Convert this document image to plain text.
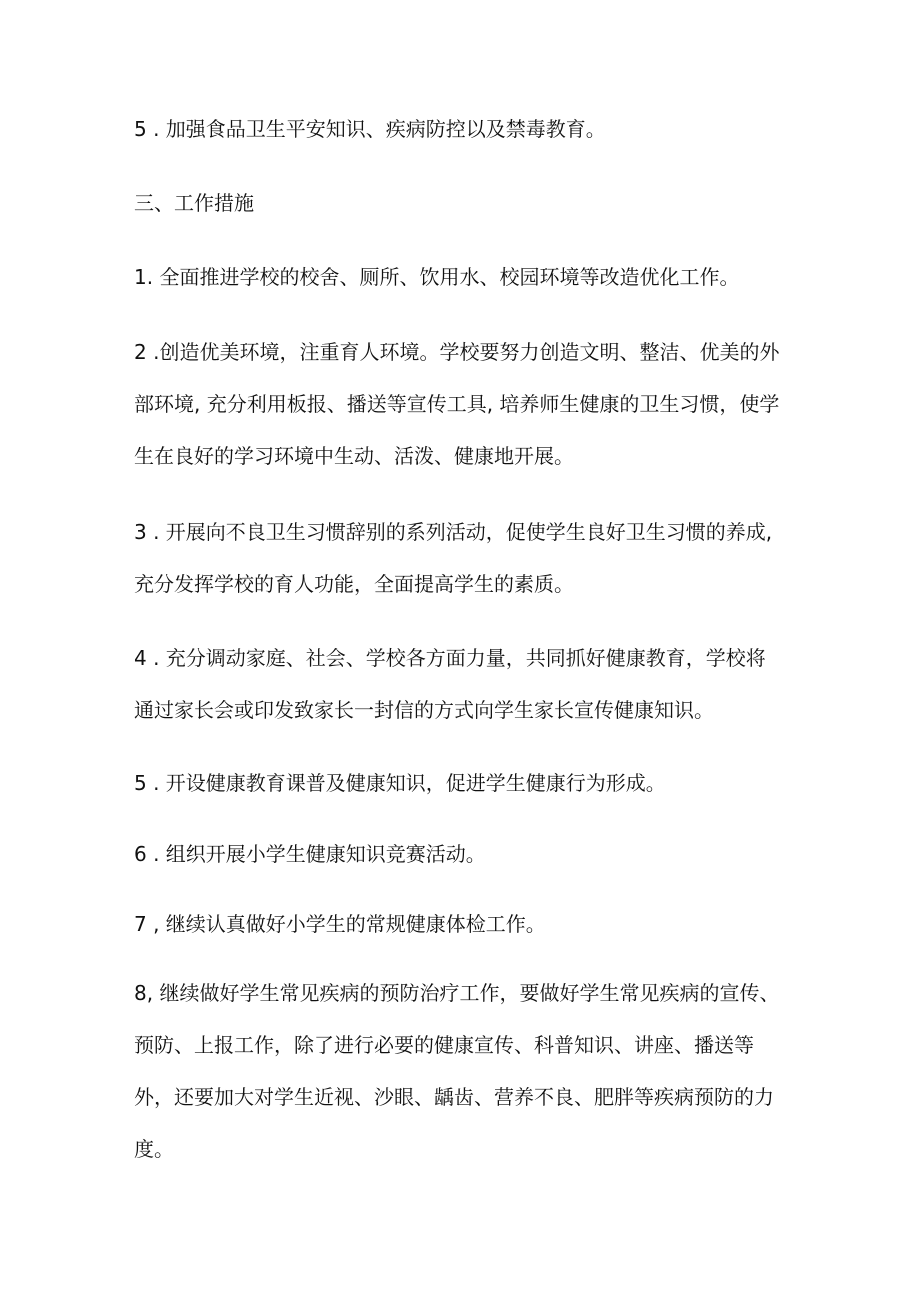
5 . 加强食品卫生平安知识、疾病防控以及禁毒教育。

三、工作措施

1. 全面推进学校的校舍、厕所、饮用水、校园环境等改造优化工作。

2 .创造优美环境，注重育人环境。学校要努力创造文明、整洁、优美的外

部环境, 充分利用板报、播送等宣传工具, 培养师生健康的卫生习惯，使学

生在良好的学习环境中生动、活泼、健康地开展。

3 . 开展向不良卫生习惯辞别的系列活动，促使学生良好卫生习惯的养成,

充分发挥学校的育人功能，全面提高学生的素质。

4 . 充分调动家庭、社会、学校各方面力量，共同抓好健康教育，学校将

通过家长会或印发致家长一封信的方式向学生家长宣传健康知识。

5 . 开设健康教育课普及健康知识，促进学生健康行为形成。

6 . 组织开展小学生健康知识竞赛活动。

7 , 继续认真做好小学生的常规健康体检工作。

8, 继续做好学生常见疾病的预防治疗工作，要做好学生常见疾病的宣传、

预防、上报工作，除了进行必要的健康宣传、科普知识、讲座、播送等

外，还要加大对学生近视、沙眼、龋齿、营养不良、肥胖等疾病预防的力

度。
